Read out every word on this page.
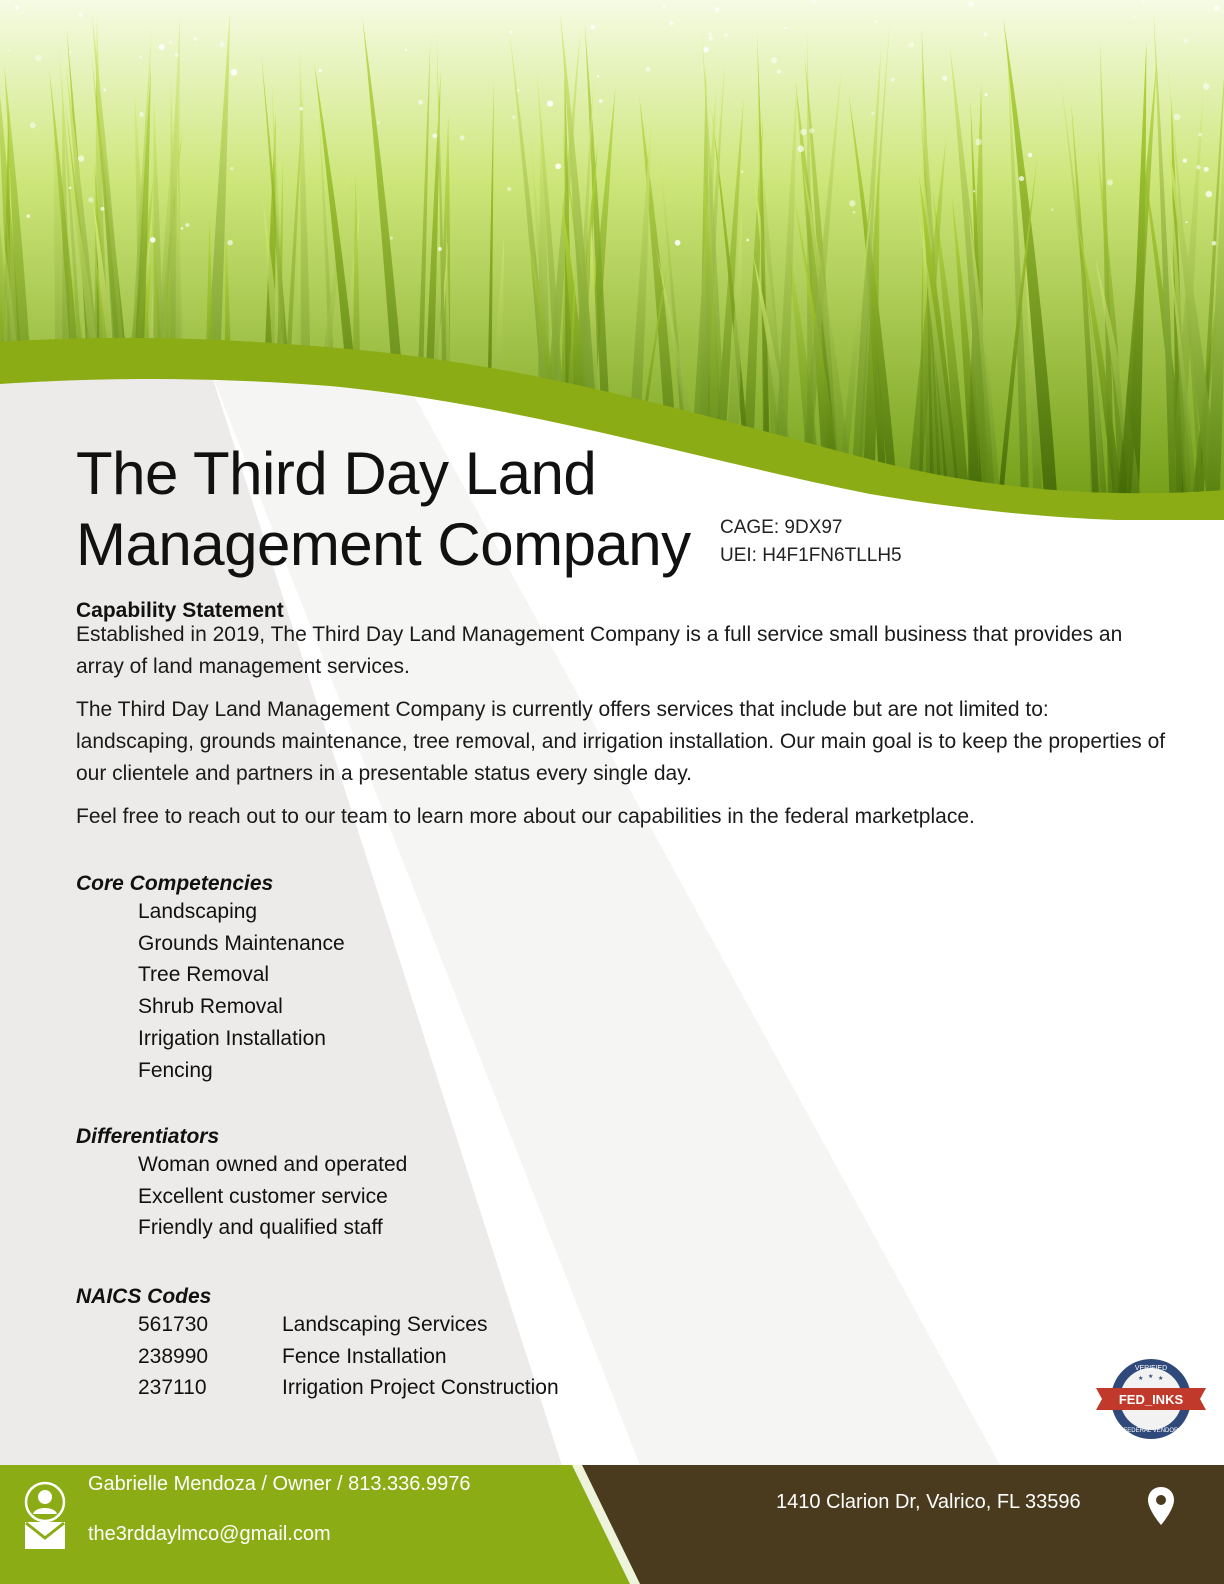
The Third Day Land
Management Company CAGE: 9DX97
UEI: H4F1FN6TLLH5
Capability Statement

Established in 2019, The Third Day Land Management Company is a full service small business that provides an array of land management services.

The Third Day Land Management Company is currently offers services that include but are not limited to: landscaping, grounds maintenance, tree removal, and irrigation installation. Our main goal is to keep the properties of our clientele and partners in a presentable status every single day.

Feel free to reach out to our team to learn more about our capabilities in the federal marketplace.

Core Competencies
Landscaping
Grounds Maintenance
Tree Removal
Shrub Removal
Irrigation Installation
Fencing
Differentiators
Woman owned and operated
Excellent customer service
Friendly and qualified staff
NAICS Codes
561730	Landscaping Services
238990	Fence Installation
237110	Irrigation Project Construction
VERIFIED
★ ★ ★
FED_INKS
FEDERAL VENDOR
Gabrielle Mendoza / Owner / 813.336.9976
the3rddaylmco@gmail.com
1410 Clarion Dr, Valrico, FL 33596
